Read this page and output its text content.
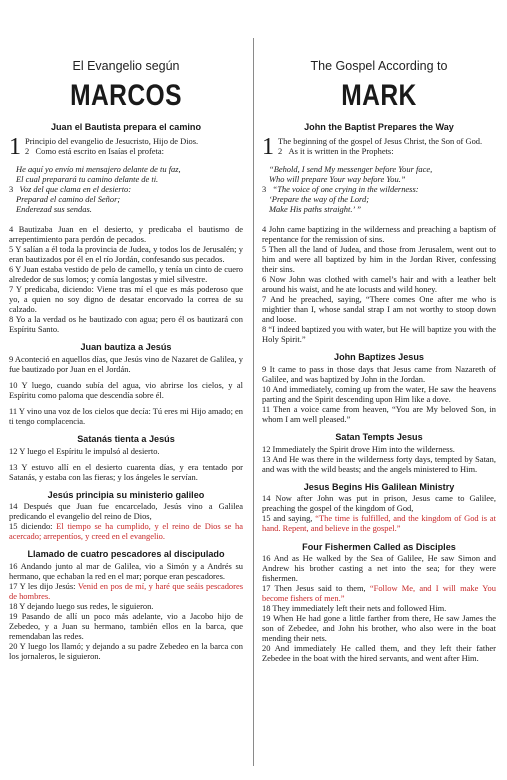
El Evangelio según
MARCOS
Juan el Bautista prepara el camino

1 Principio del evangelio de Jesucristo, Hijo de Dios.

2 Como está escrito en Isaías el profeta:

He aquí yo envío mi mensajero delante de tu faz,

El cual preparará tu camino delante de ti.

3 Voz del que clama en el desierto:

Preparad el camino del Señor;

Enderezad sus sendas.

4 Bautizaba Juan en el desierto, y predicaba el bautismo de arrepentimiento para perdón de pecados.

5 Y salían a él toda la provincia de Judea, y todos los de Jerusalén; y eran bautizados por él en el río Jordán, confesando sus pecados.

6 Y Juan estaba vestido de pelo de camello, y tenía un cinto de cuero alrededor de sus lomos; y comía langostas y miel silvestre.

7 Y predicaba, diciendo: Viene tras mí el que es más poderoso que yo, a quien no soy digno de desatar encorvado la correa de su calzado.

8 Yo a la verdad os he bautizado con agua; pero él os bautizará con Espíritu Santo.

Juan bautiza a Jesús

9 Aconteció en aquellos días, que Jesús vino de Nazaret de Galilea, y fue bautizado por Juan en el Jordán.

10 Y luego, cuando subía del agua, vio abrirse los cielos, y al Espíritu como paloma que descendía sobre él.

11 Y vino una voz de los cielos que decía: Tú eres mi Hijo amado; en ti tengo complacencia.

Satanás tienta a Jesús

12 Y luego el Espíritu le impulsó al desierto.

13 Y estuvo allí en el desierto cuarenta días, y era tentado por Satanás, y estaba con las fieras; y los ángeles le servían.

Jesús principia su ministerio galileo

14 Después que Juan fue encarcelado, Jesús vino a Galilea predicando el evangelio del reino de Dios,

15 diciendo: El tiempo se ha cumplido, y el reino de Dios se ha acercado; arrepentíos, y creed en el evangelio.

Llamado de cuatro pescadores al discipulado

16 Andando junto al mar de Galilea, vio a Simón y a Andrés su hermano, que echaban la red en el mar; porque eran pescadores.

17 Y les dijo Jesús: Venid en pos de mí, y haré que seáis pescadores de hombres.

18 Y dejando luego sus redes, le siguieron.

19 Pasando de allí un poco más adelante, vio a Jacobo hijo de Zebedeo, y a Juan su hermano, también ellos en la barca, que remendaban las redes.

20 Y luego los llamó; y dejando a su padre Zebedeo en la barca con los jornaleros, le siguieron.

The Gospel According to
MARK
John the Baptist Prepares the Way

1 The beginning of the gospel of Jesus Christ, the Son of God.

2 As it is written in the Prophets:

“Behold, I send My messenger before Your face,

Who will prepare Your way before You.”

3 “The voice of one crying in the wilderness:

‘Prepare the way of the Lord;

Make His paths straight.’ ”

4 John came baptizing in the wilderness and preaching a baptism of repentance for the remission of sins.

5 Then all the land of Judea, and those from Jerusalem, went out to him and were all baptized by him in the Jordan River, confessing their sins.

6 Now John was clothed with camel’s hair and with a leather belt around his waist, and he ate locusts and wild honey.

7 And he preached, saying, “There comes One after me who is mightier than I, whose sandal strap I am not worthy to stoop down and loose.

8 “I indeed baptized you with water, but He will baptize you with the Holy Spirit.”

John Baptizes Jesus

9 It came to pass in those days that Jesus came from Nazareth of Galilee, and was baptized by John in the Jordan.

10 And immediately, coming up from the water, He saw the heavens parting and the Spirit descending upon Him like a dove.

11 Then a voice came from heaven, “You are My beloved Son, in whom I am well pleased.”

Satan Tempts Jesus

12 Immediately the Spirit drove Him into the wilderness.

13 And He was there in the wilderness forty days, tempted by Satan, and was with the wild beasts; and the angels ministered to Him.

Jesus Begins His Galilean Ministry

14 Now after John was put in prison, Jesus came to Galilee, preaching the gospel of the kingdom of God,

15 and saying, “The time is fulfilled, and the kingdom of God is at hand. Repent, and believe in the gospel.”

Four Fishermen Called as Disciples

16 And as He walked by the Sea of Galilee, He saw Simon and Andrew his brother casting a net into the sea; for they were fishermen.

17 Then Jesus said to them, “Follow Me, and I will make You become fishers of men.”

18 They immediately left their nets and followed Him.

19 When He had gone a little farther from there, He saw James the son of Zebedee, and John his brother, who also were in the boat mending their nets.

20 And immediately He called them, and they left their father Zebedee in the boat with the hired servants, and went after Him.
